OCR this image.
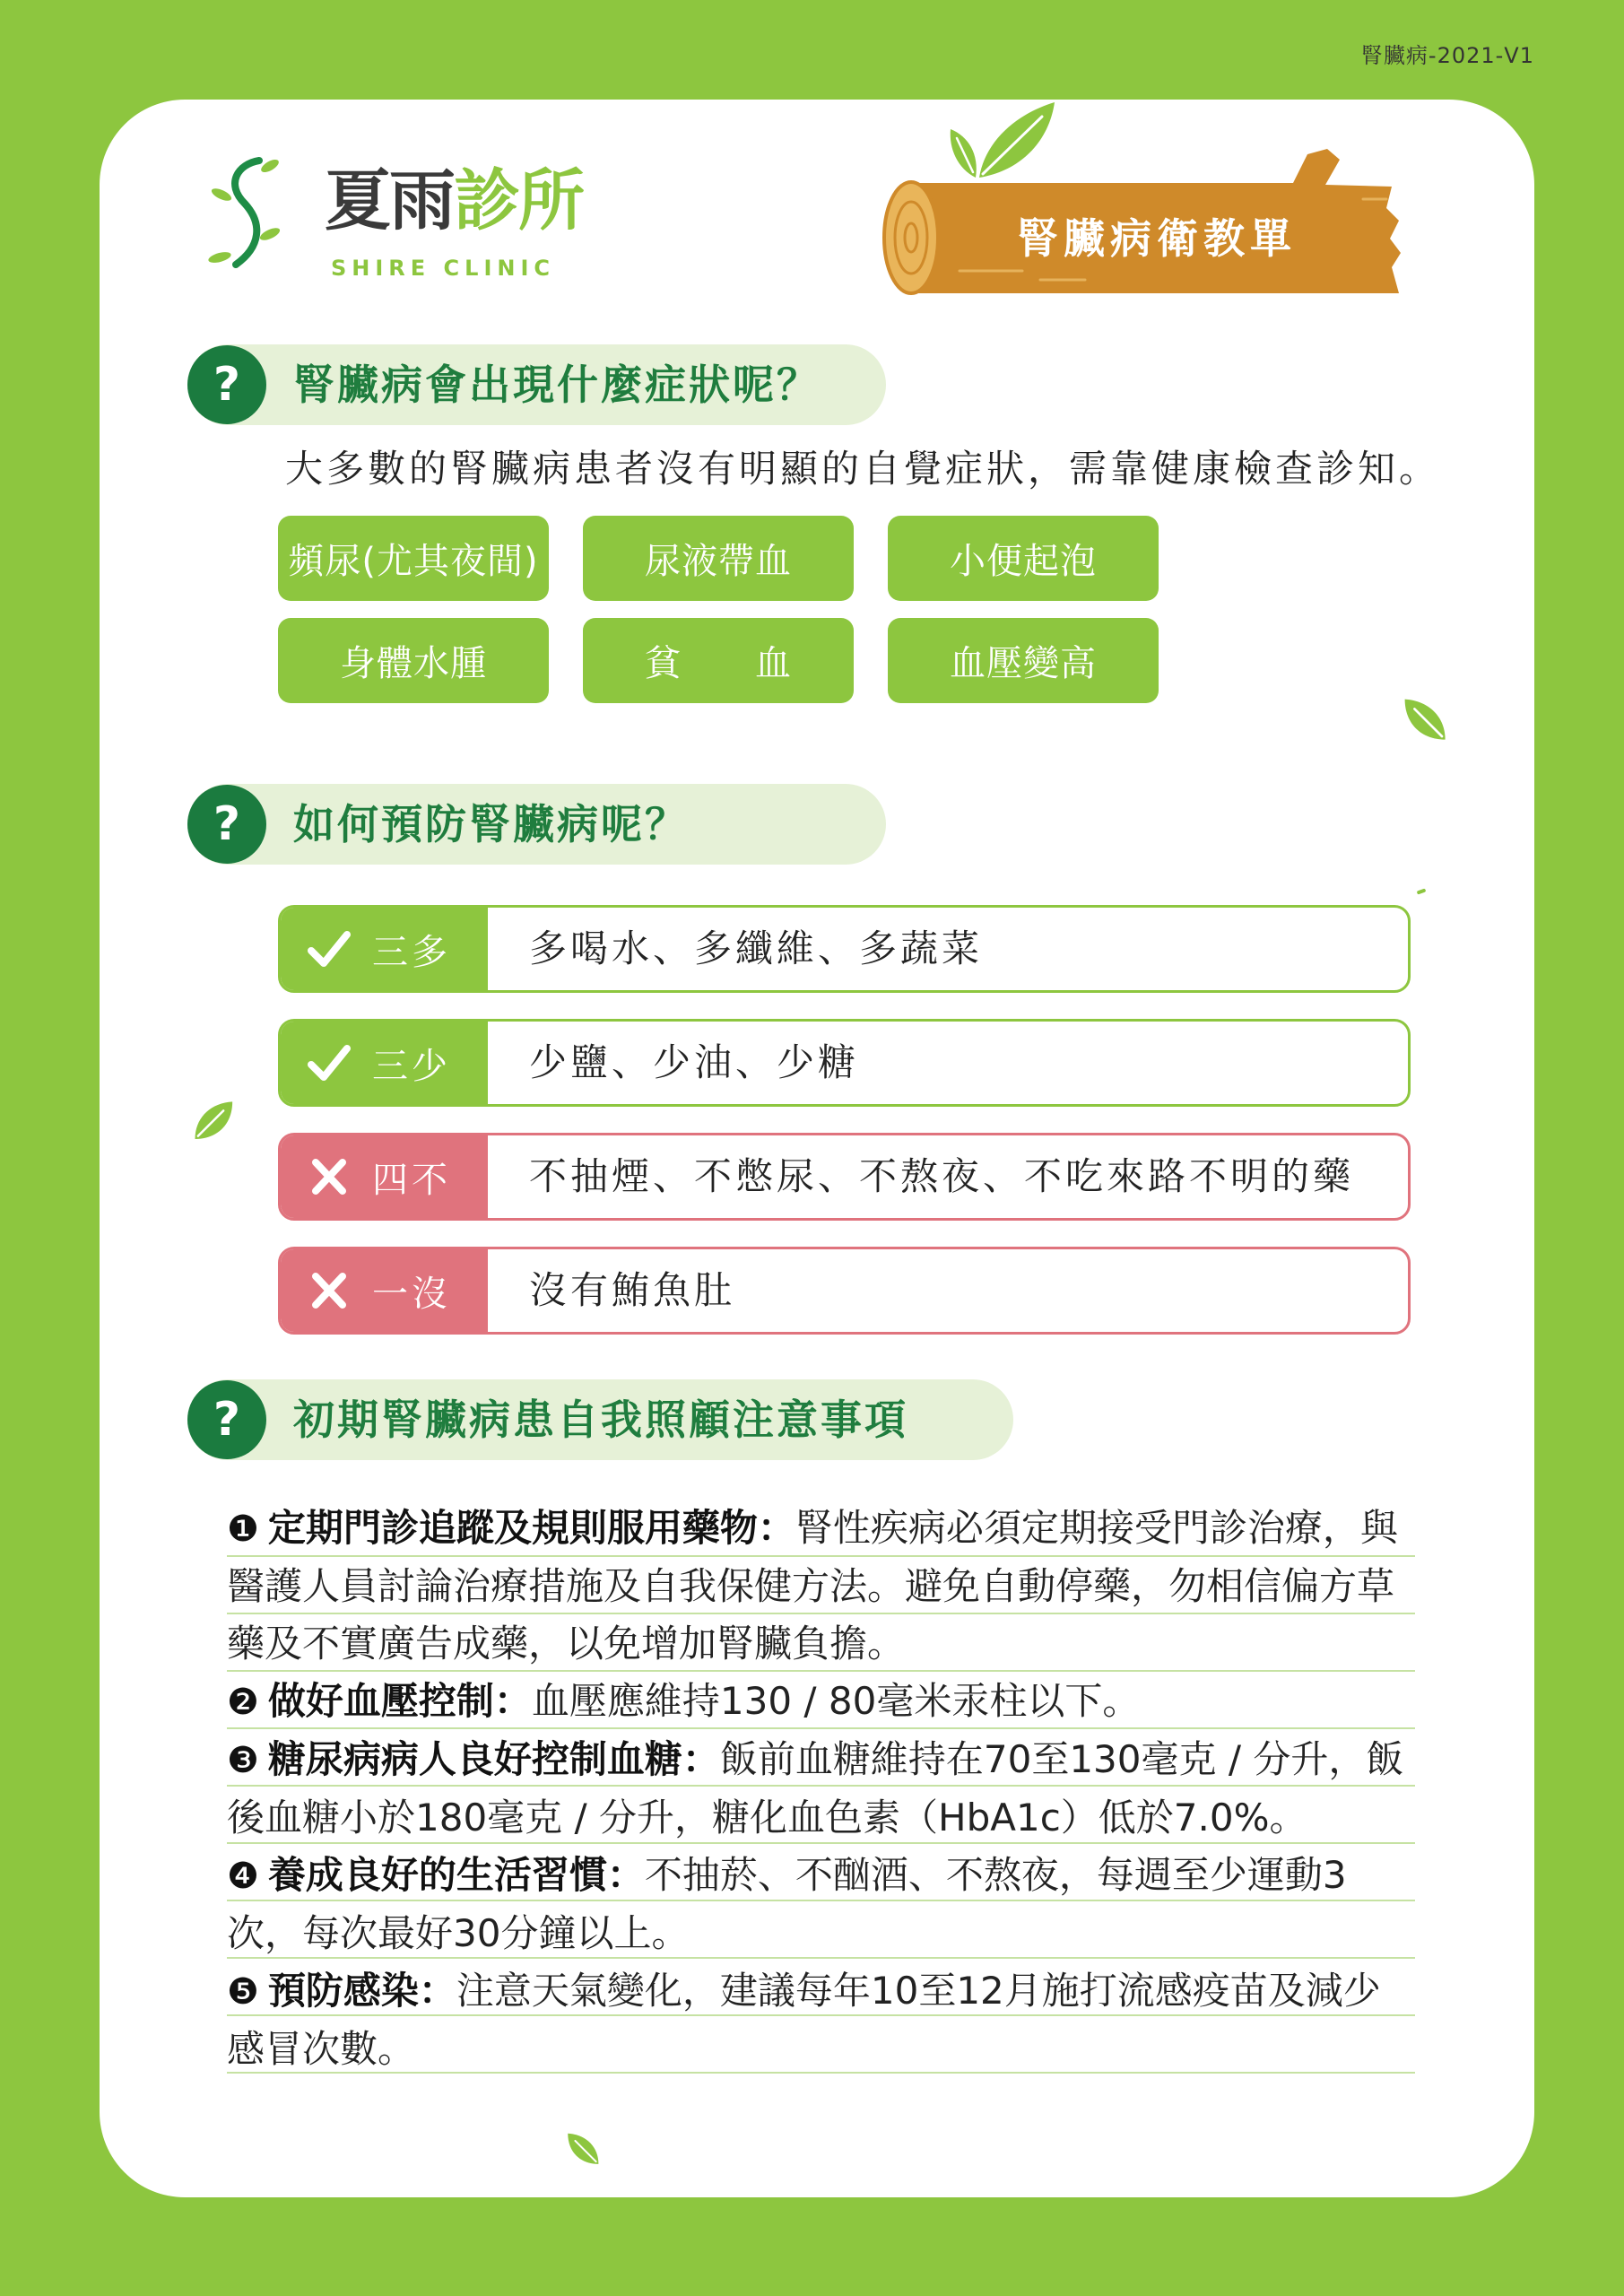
腎臟病-2021-V1
夏雨診所
SHIRE CLINIC
腎臟病衛教單
?	腎臟病會出現什麼症狀呢？
大多數的腎臟病患者沒有明顯的自覺症狀，需靠健康檢查診知。
頻尿(尤其夜間)	尿液帶血	小便起泡
身體水腫	貧　　血	血壓變高
?	如何預防腎臟病呢？
三多	多喝水、多纖維、多蔬菜
三少	少鹽、少油、少糖
四不	不抽煙、不憋尿、不熬夜、不吃來路不明的藥
一沒	沒有鮪魚肚
?	初期腎臟病患自我照顧注意事項

❶ 定期門診追蹤及規則服用藥物：腎性疾病必須定期接受門診治療，與醫護人員討論治療措施及自我保健方法。避免自動停藥，勿相信偏方草藥及不實廣告成藥，以免增加腎臟負擔。

❷ 做好血壓控制：血壓應維持130 / 80毫米汞柱以下。

❸ 糖尿病病人良好控制血糖：飯前血糖維持在70至130毫克 / 分升，飯後血糖小於180毫克 / 分升，糖化血色素（HbA1c）低於7.0%。

❹ 養成良好的生活習慣：不抽菸、不酗酒、不熬夜，每週至少運動3次，每次最好30分鐘以上。

❺ 預防感染：注意天氣變化，建議每年10至12月施打流感疫苗及減少感冒次數。
